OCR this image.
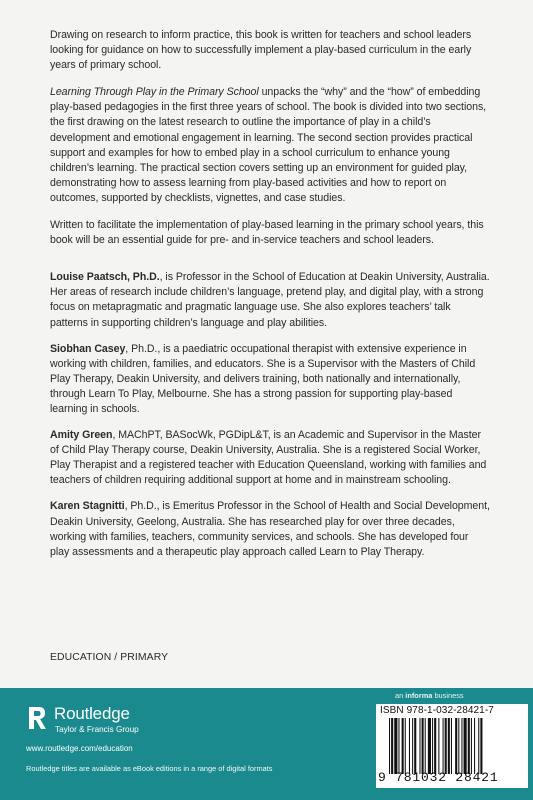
Drawing on research to inform practice, this book is written for teachers and school leaders looking for guidance on how to successfully implement a play-based curriculum in the early years of primary school.

Learning Through Play in the Primary School unpacks the “why” and the “how” of embedding play-based pedagogies in the first three years of school. The book is divided into two sections, the first drawing on the latest research to outline the importance of play in a child’s development and emotional engagement in learning. The second section provides practical support and examples for how to embed play in a school curriculum to enhance young children’s learning. The practical section covers setting up an environment for guided play, demonstrating how to assess learning from play-based activities and how to report on outcomes, supported by checklists, vignettes, and case studies.

Written to facilitate the implementation of play-based learning in the primary school years, this book will be an essential guide for pre- and in-service teachers and school leaders.

Louise Paatsch, Ph.D., is Professor in the School of Education at Deakin University, Australia. Her areas of research include children’s language, pretend play, and digital play, with a strong focus on metapragmatic and pragmatic language use. She also explores teachers’ talk patterns in supporting children’s language and play abilities.

Siobhan Casey, Ph.D., is a paediatric occupational therapist with extensive experience in working with children, families, and educators. She is a Supervisor with the Masters of Child Play Therapy, Deakin University, and delivers training, both nationally and internationally, through Learn To Play, Melbourne. She has a strong passion for supporting play-based learning in schools.

Amity Green, MAChPT, BASocWk, PGDipL&T, is an Academic and Supervisor in the Master of Child Play Therapy course, Deakin University, Australia. She is a registered Social Worker, Play Therapist and a registered teacher with Education Queensland, working with families and teachers of children requiring additional support at home and in mainstream schooling.

Karen Stagnitti, Ph.D., is Emeritus Professor in the School of Health and Social Development, Deakin University, Geelong, Australia. She has researched play for over three decades, working with families, teachers, community services, and schools. She has developed four play assessments and a therapeutic play approach called Learn to Play Therapy.

EDUCATION / PRIMARY
Routledge
Taylor & Francis Group
www.routledge.com/education
Routledge titles are available as eBook editions in a range of digital formats
an informa business
ISBN 978-1-032-28421-7
9 781032 28421
